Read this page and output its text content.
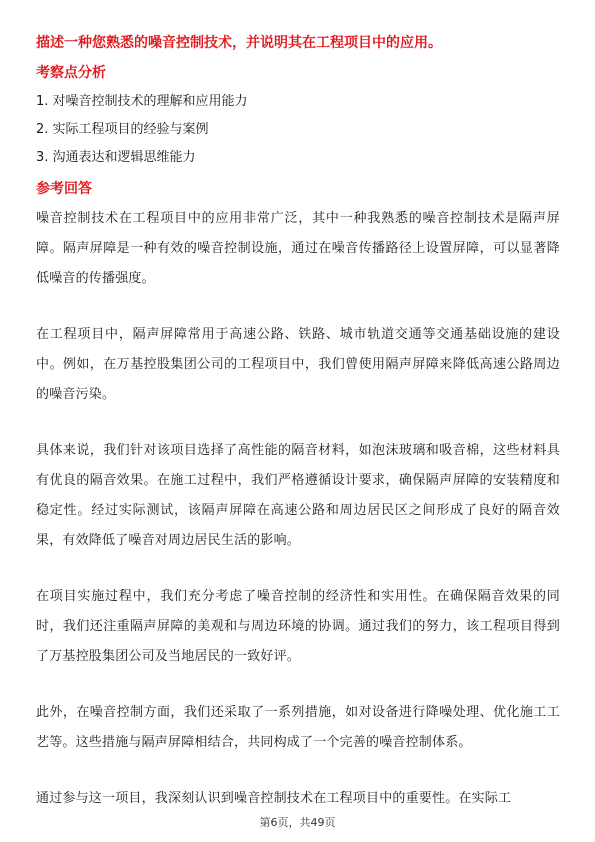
描述一种您熟悉的噪音控制技术，并说明其在工程项目中的应用。
考察点分析
1. 对噪音控制技术的理解和应用能力
2. 实际工程项目的经验与案例
3. 沟通表达和逻辑思维能力
参考回答

噪音控制技术在工程项目中的应用非常广泛，其中一种我熟悉的噪音控制技术是隔声屏障。隔声屏障是一种有效的噪音控制设施，通过在噪音传播路径上设置屏障，可以显著降低噪音的传播强度。

在工程项目中，隔声屏障常用于高速公路、铁路、城市轨道交通等交通基础设施的建设中。例如，在万基控股集团公司的工程项目中，我们曾使用隔声屏障来降低高速公路周边的噪音污染。

具体来说，我们针对该项目选择了高性能的隔音材料，如泡沫玻璃和吸音棉，这些材料具有优良的隔音效果。在施工过程中，我们严格遵循设计要求，确保隔声屏障的安装精度和稳定性。经过实际测试，该隔声屏障在高速公路和周边居民区之间形成了良好的隔音效果，有效降低了噪音对周边居民生活的影响。

在项目实施过程中，我们充分考虑了噪音控制的经济性和实用性。在确保隔音效果的同时，我们还注重隔声屏障的美观和与周边环境的协调。通过我们的努力，该工程项目得到了万基控股集团公司及当地居民的一致好评。

此外，在噪音控制方面，我们还采取了一系列措施，如对设备进行降噪处理、优化施工工艺等。这些措施与隔声屏障相结合，共同构成了一个完善的噪音控制体系。

通过参与这一项目，我深刻认识到噪音控制技术在工程项目中的重要性。在实际工

第6页，共49页
